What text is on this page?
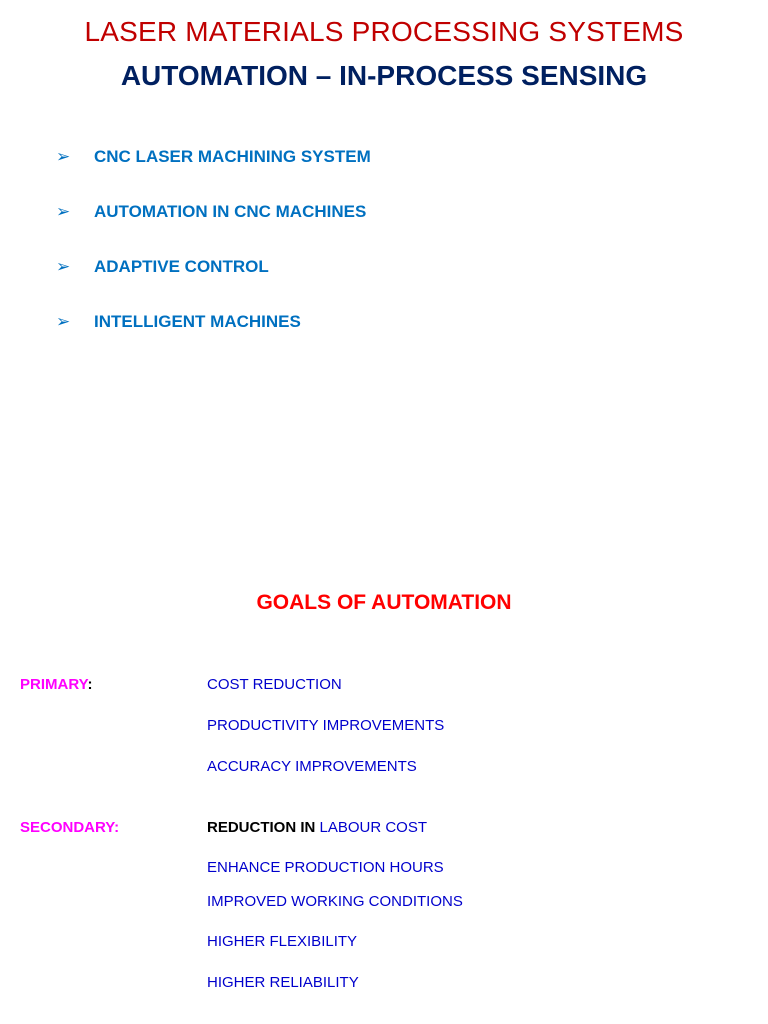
LASER MATERIALS PROCESSING SYSTEMS
AUTOMATION – IN-PROCESS SENSING
➢	CNC LASER MACHINING SYSTEM
➢	AUTOMATION IN CNC MACHINES
➢	ADAPTIVE CONTROL
➢	INTELLIGENT MACHINES
GOALS OF AUTOMATION
PRIMARY:	COST REDUCTION
PRODUCTIVITY IMPROVEMENTS
ACCURACY IMPROVEMENTS
SECONDARY:	REDUCTION IN LABOUR COST
ENHANCE PRODUCTION HOURS
IMPROVED WORKING CONDITIONS
HIGHER FLEXIBILITY
HIGHER RELIABILITY
